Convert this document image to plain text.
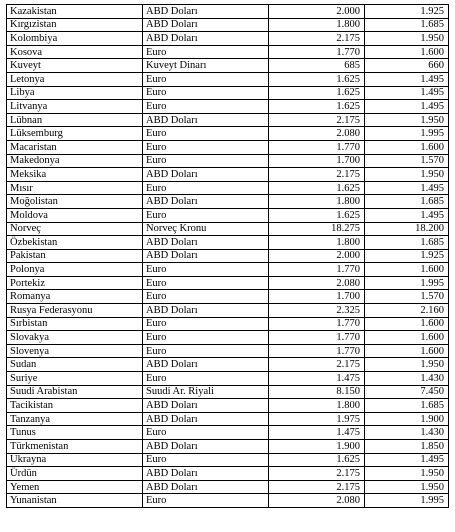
Kazakistan	ABD Doları	2.000	1.925
Kırgızistan	ABD Doları	1.800	1.685
Kolombiya	ABD Doları	2.175	1.950
Kosova	Euro	1.770	1.600
Kuveyt	Kuveyt Dinarı	685	660
Letonya	Euro	1.625	1.495
Libya	Euro	1.625	1.495
Litvanya	Euro	1.625	1.495
Lübnan	ABD Doları	2.175	1.950
Lüksemburg	Euro	2.080	1.995
Macaristan	Euro	1.770	1.600
Makedonya	Euro	1.700	1.570
Meksika	ABD Doları	2.175	1.950
Mısır	Euro	1.625	1.495
Moğolistan	ABD Doları	1.800	1.685
Moldova	Euro	1.625	1.495
Norveç	Norveç Kronu	18.275	18.200
Özbekistan	ABD Doları	1.800	1.685
Pakistan	ABD Doları	2.000	1.925
Polonya	Euro	1.770	1.600
Portekiz	Euro	2.080	1.995
Romanya	Euro	1.700	1.570
Rusya Federasyonu	ABD Doları	2.325	2.160
Sırbistan	Euro	1.770	1.600
Slovakya	Euro	1.770	1.600
Slovenya	Euro	1.770	1.600
Sudan	ABD Doları	2.175	1.950
Suriye	Euro	1.475	1.430
Suudi Arabistan	Suudi Ar. Riyali	8.150	7.450
Tacikistan	ABD Doları	1.800	1.685
Tanzanya	ABD Doları	1.975	1.900
Tunus	Euro	1.475	1.430
Türkmenistan	ABD Doları	1.900	1.850
Ukrayna	Euro	1.625	1.495
Ürdün	ABD Doları	2.175	1.950
Yemen	ABD Doları	2.175	1.950
Yunanistan	Euro	2.080	1.995
